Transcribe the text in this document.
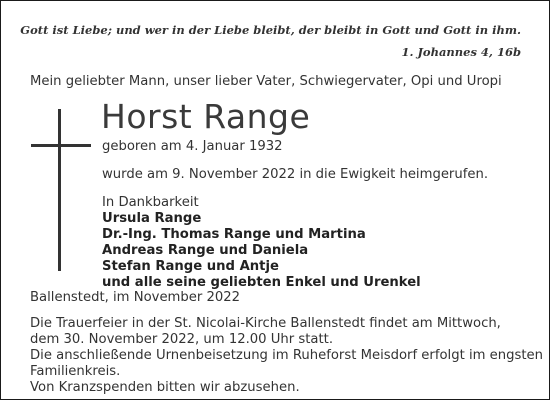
Gott ist Liebe; und wer in der Liebe bleibt, der bleibt in Gott und Gott in ihm.
1. Johannes 4, 16b
Mein geliebter Mann, unser lieber Vater, Schwiegervater, Opi und Uropi
Horst Range
geboren am 4. Januar 1932
wurde am 9. November 2022 in die Ewigkeit heimgerufen.
In Dankbarkeit
Ursula Range
Dr.-Ing. Thomas Range und Martina
Andreas Range und Daniela
Stefan Range und Antje
und alle seine geliebten Enkel und Urenkel
Ballenstedt, im November 2022
Die Trauerfeier in der St. Nicolai-Kirche Ballenstedt findet am Mittwoch,
dem 30. November 2022, um 12.00 Uhr statt.
Die anschließende Urnenbeisetzung im Ruheforst Meisdorf erfolgt im engsten
Familienkreis.
Von Kranzspenden bitten wir abzusehen.
